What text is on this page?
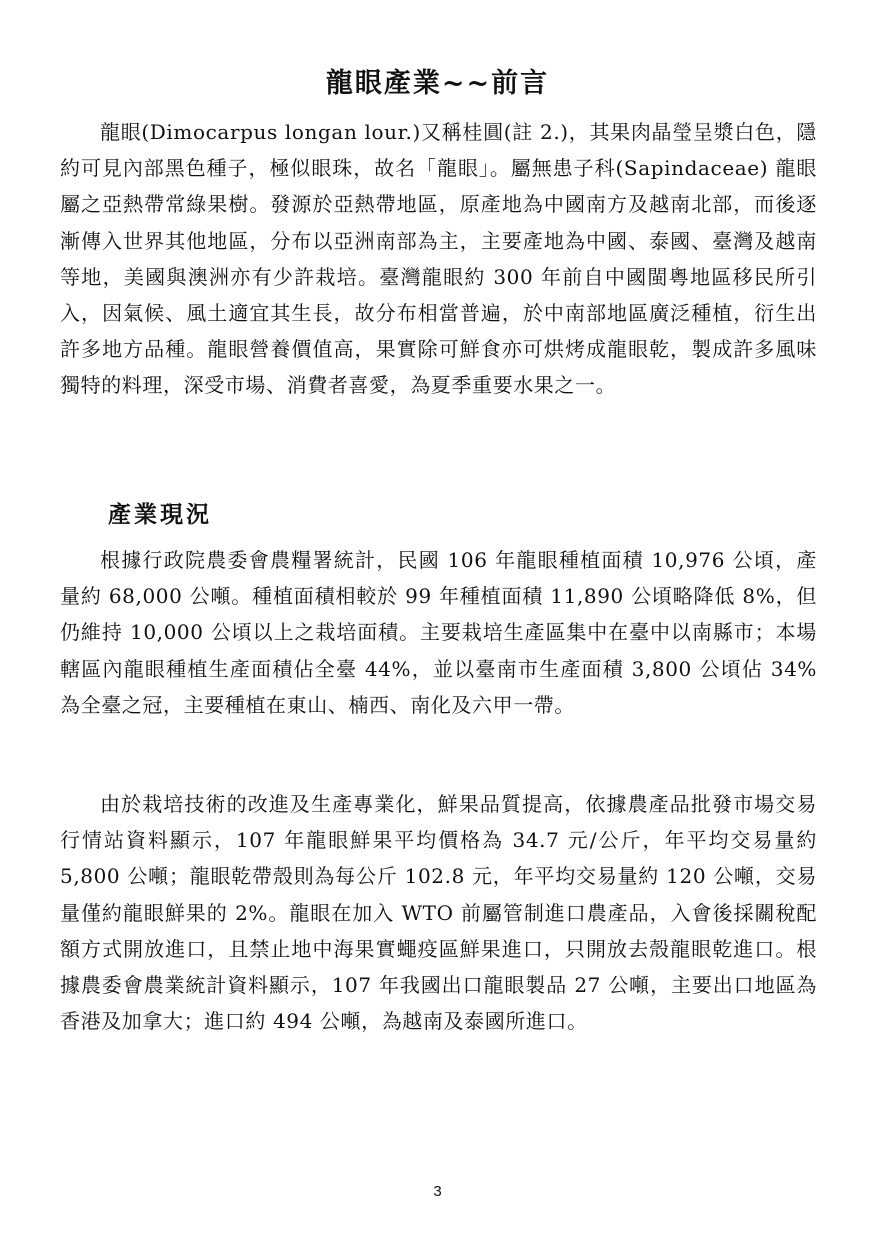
龍眼產業~~前言

龍眼(Dimocarpus longan lour.)又稱桂圓(註 2.)，其果肉晶瑩呈漿白色，隱約可見內部黑色種子，極似眼珠，故名「龍眼」。屬無患子科(Sapindaceae) 龍眼屬之亞熱帶常綠果樹。發源於亞熱帶地區，原產地為中國南方及越南北部，而後逐漸傳入世界其他地區，分布以亞洲南部為主，主要產地為中國、泰國、臺灣及越南等地，美國與澳洲亦有少許栽培。臺灣龍眼約 300 年前自中國閩粵地區移民所引入，因氣候、風土適宜其生長，故分布相當普遍，於中南部地區廣泛種植，衍生出許多地方品種。龍眼營養價值高，果實除可鮮食亦可烘烤成龍眼乾，製成許多風味獨特的料理，深受市場、消費者喜愛，為夏季重要水果之一。

產業現況

根據行政院農委會農糧署統計，民國 106 年龍眼種植面積 10,976 公頃，產量約 68,000 公噸。種植面積相較於 99 年種植面積 11,890 公頃略降低 8%，但仍維持 10,000 公頃以上之栽培面積。主要栽培生產區集中在臺中以南縣市；本場轄區內龍眼種植生產面積佔全臺 44%，並以臺南市生產面積 3,800 公頃佔 34%為全臺之冠，主要種植在東山、楠西、南化及六甲一帶。

由於栽培技術的改進及生產專業化，鮮果品質提高，依據農產品批發市場交易行情站資料顯示，107 年龍眼鮮果平均價格為 34.7 元/公斤，年平均交易量約 5,800 公噸；龍眼乾帶殼則為每公斤 102.8 元，年平均交易量約 120 公噸，交易量僅約龍眼鮮果的 2%。龍眼在加入 WTO 前屬管制進口農產品，入會後採關稅配額方式開放進口，且禁止地中海果實蠅疫區鮮果進口，只開放去殼龍眼乾進口。根據農委會農業統計資料顯示，107 年我國出口龍眼製品 27 公噸，主要出口地區為香港及加拿大；進口約 494 公噸，為越南及泰國所進口。

3
